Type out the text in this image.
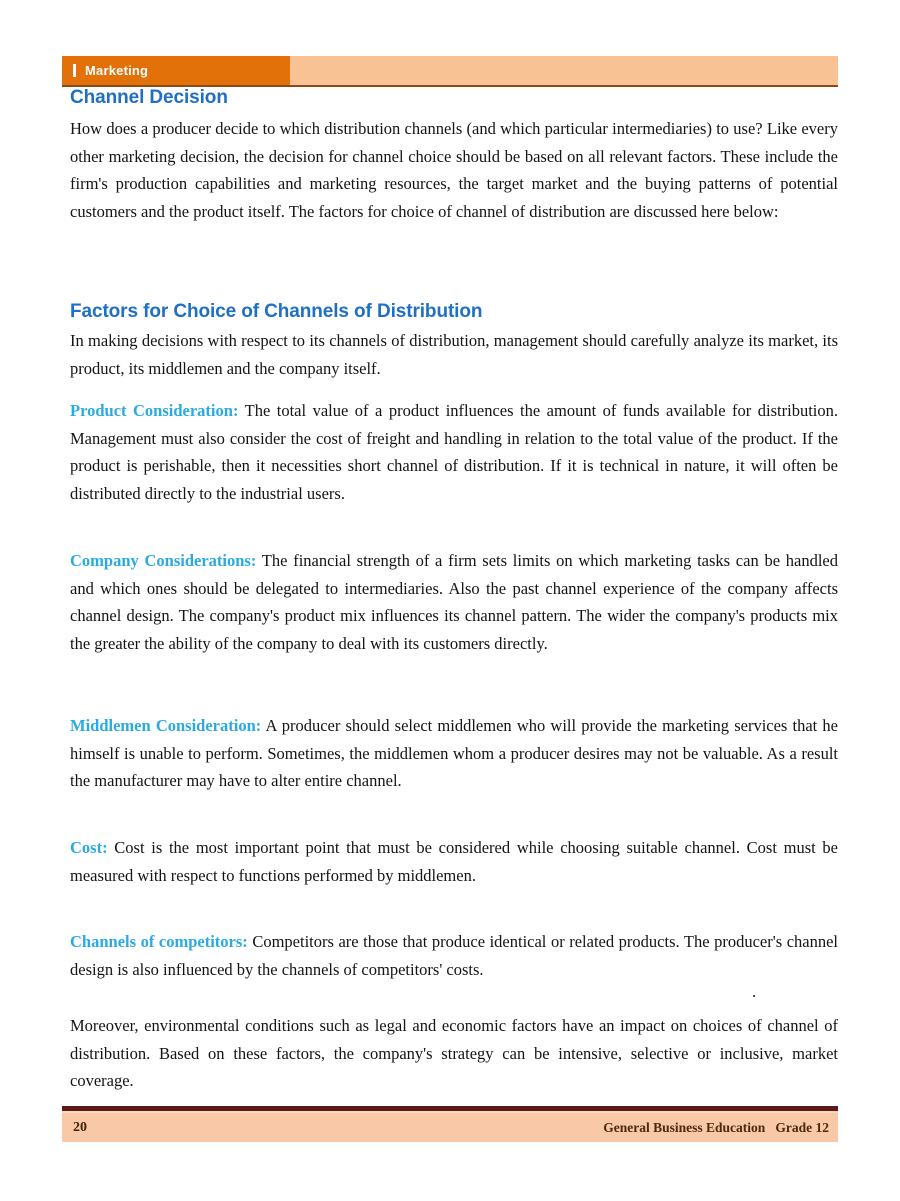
Marketing
Channel Decision
Factors for Choice of Channels of Distribution

How does a producer decide to which distribution channels (and which particular intermediaries) to use? Like every other marketing decision, the decision for channel choice should be based on all relevant factors. These include the firm's production capabilities and marketing resources, the target market and the buying patterns of potential customers and the product itself. The factors for choice of channel of distribution are discussed here below:

In making decisions with respect to its channels of distribution, management should carefully analyze its market, its product, its middlemen and the company itself.

Product Consideration: The total value of a product influences the amount of funds available for distribution. Management must also consider the cost of freight and handling in relation to the total value of the product. If the product is perishable, then it necessities short channel of distribution. If it is technical in nature, it will often be distributed directly to the industrial users.

Company Considerations: The financial strength of a firm sets limits on which marketing tasks can be handled and which ones should be delegated to intermediaries. Also the past channel experience of the company affects channel design. The company's product mix influences its channel pattern. The wider the company's products mix the greater the ability of the company to deal with its customers directly.

Middlemen Consideration: A producer should select middlemen who will provide the marketing services that he himself is unable to perform. Sometimes, the middlemen whom a producer desires may not be valuable. As a result the manufacturer may have to alter entire channel.

Cost: Cost is the most important point that must be considered while choosing suitable channel. Cost must be measured with respect to functions performed by middlemen.

Channels of competitors: Competitors are those that produce identical or related products. The producer's channel design is also influenced by the channels of competitors' costs.

Moreover, environmental conditions such as legal and economic factors have an impact on choices of channel of distribution. Based on these factors, the company's strategy can be intensive, selective or inclusive, market coverage.

.
20	General Business Education   Grade 12
